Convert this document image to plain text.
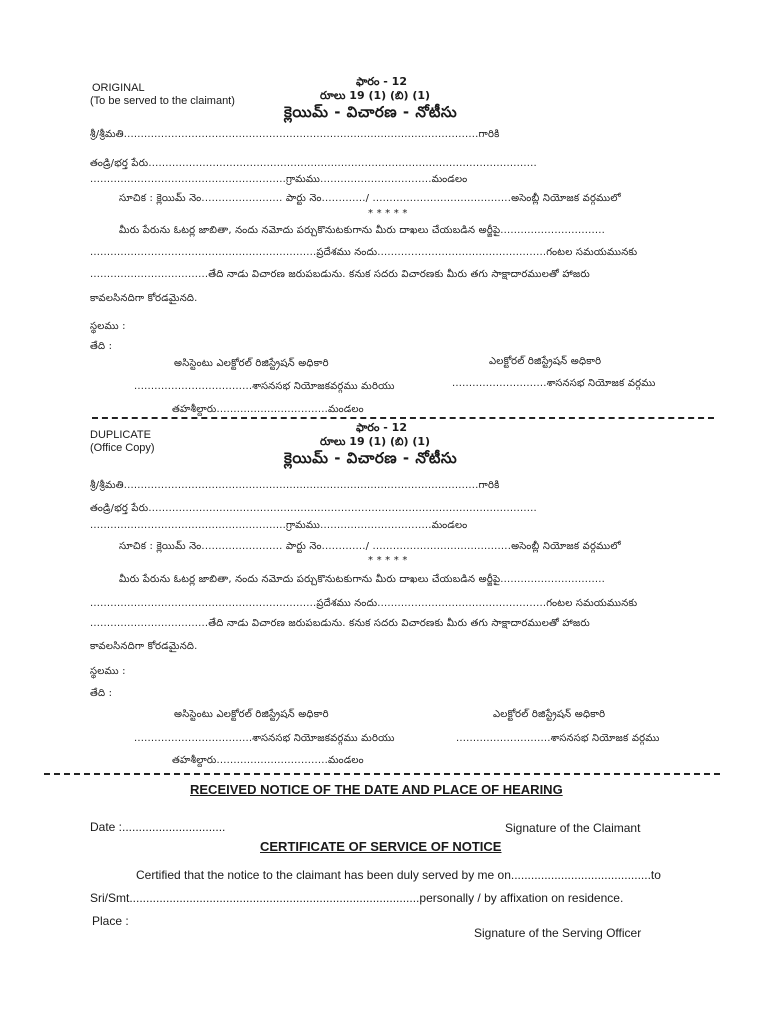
ORIGINAL
(To be served to the claimant)
ఫారం - 12
రూలు 19 (1) (బి) (1)
క్లెయిమ్ - విచారణ - నోటీసు
శ్రీ/శ్రీమతి.........................................................................................................గారికి
తండ్రి/భర్త పేరు...................................................................................................................
..........................................................గ్రామము.................................మండలం
సూచిక : క్లెయిమ్ నెం........................ పార్టు నెం............./ .........................................అసెంబ్లీ నియోజక వర్గములో
* * * * *
మీరు పేరును ఓటర్ల జాబితా, నందు నమోదు పర్చుకొనుటకుగాను మీరు దాఖలు చేయబడిన అర్జీపై...............................
...................................................................ప్రదేశము నందు..................................................గంటల సమయమునకు
...................................తేది నాడు విచారణ జరుపబడును. కనుక సదరు విచారణకు మీరు తగు సాక్షాదారములతో హాజరు
కావలసినదిగా కోరడమైనది.
స్థలము :
తేది :
అసిస్టెంటు ఎలక్టోరల్ రిజిస్ట్రేషన్ అధికారి	ఎలక్టోరల్ రిజిస్ట్రేషన్ అధికారి
...................................శాసనసభ నియోజకవర్గము మరియు	............................శాసనసభ నియోజక వర్గము
తహశీల్దారు.................................మండలం
DUPLICATE
(Office Copy)
ఫారం - 12
రూలు 19 (1) (బి) (1)
క్లెయిమ్ - విచారణ - నోటీసు
శ్రీ/శ్రీమతి.........................................................................................................గారికి
తండ్రి/భర్త పేరు...................................................................................................................
..........................................................గ్రామము.................................మండలం
సూచిక : క్లెయిమ్ నెం........................ పార్టు నెం............./ .........................................అసెంబ్లీ నియోజక వర్గములో
* * * * *
మీరు పేరును ఓటర్ల జాబితా, నందు నమోదు పర్చుకొనుటకుగాను మీరు దాఖలు చేయబడిన అర్జీపై...............................
...................................................................ప్రదేశము నందు..................................................గంటల సమయమునకు
...................................తేది నాడు విచారణ జరుపబడును. కనుక సదరు విచారణకు మీరు తగు సాక్షాదారములతో హాజరు
కావలసినదిగా కోరడమైనది.
స్థలము :
తేది :
అసిస్టెంటు ఎలక్టోరల్ రిజిస్ట్రేషన్ అధికారి	ఎలక్టోరల్ రిజిస్ట్రేషన్ అధికారి
...................................శాసనసభ నియోజకవర్గము మరియు	............................శాసనసభ నియోజక వర్గము
తహశీల్దారు.................................మండలం
RECEIVED NOTICE OF THE DATE AND PLACE OF HEARING
Date :...............................	Signature of the Claimant
CERTIFICATE OF SERVICE OF NOTICE
Certified that the notice to the claimant has been duly served by me on..........................................to
Sri/Smt.......................................................................................personally / by affixation on residence.
Place :
Signature of the Serving Officer
